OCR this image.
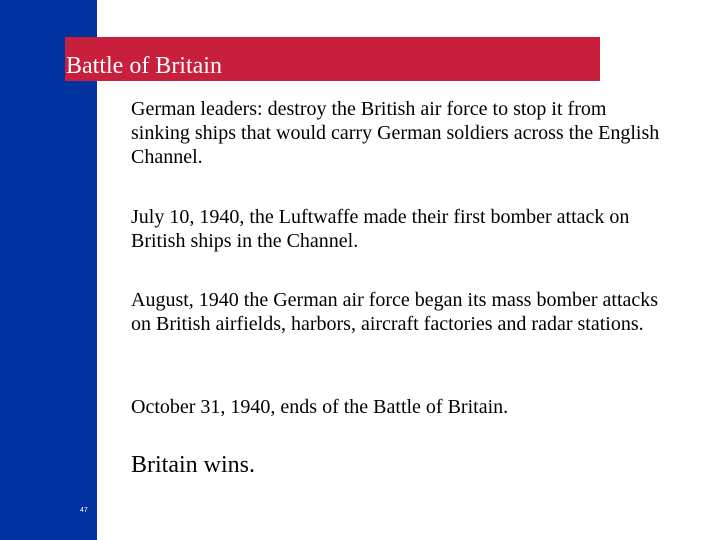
Battle of Britain

German leaders: destroy the British air force to stop it from sinking ships that would carry German soldiers across the English Channel.

July 10, 1940, the Luftwaffe made their first bomber attack on British ships in the Channel.

August, 1940 the German air force began its mass bomber attacks on British airfields, harbors, aircraft factories and radar stations.

October 31, 1940, ends of the Battle of Britain.

Britain wins.

47
